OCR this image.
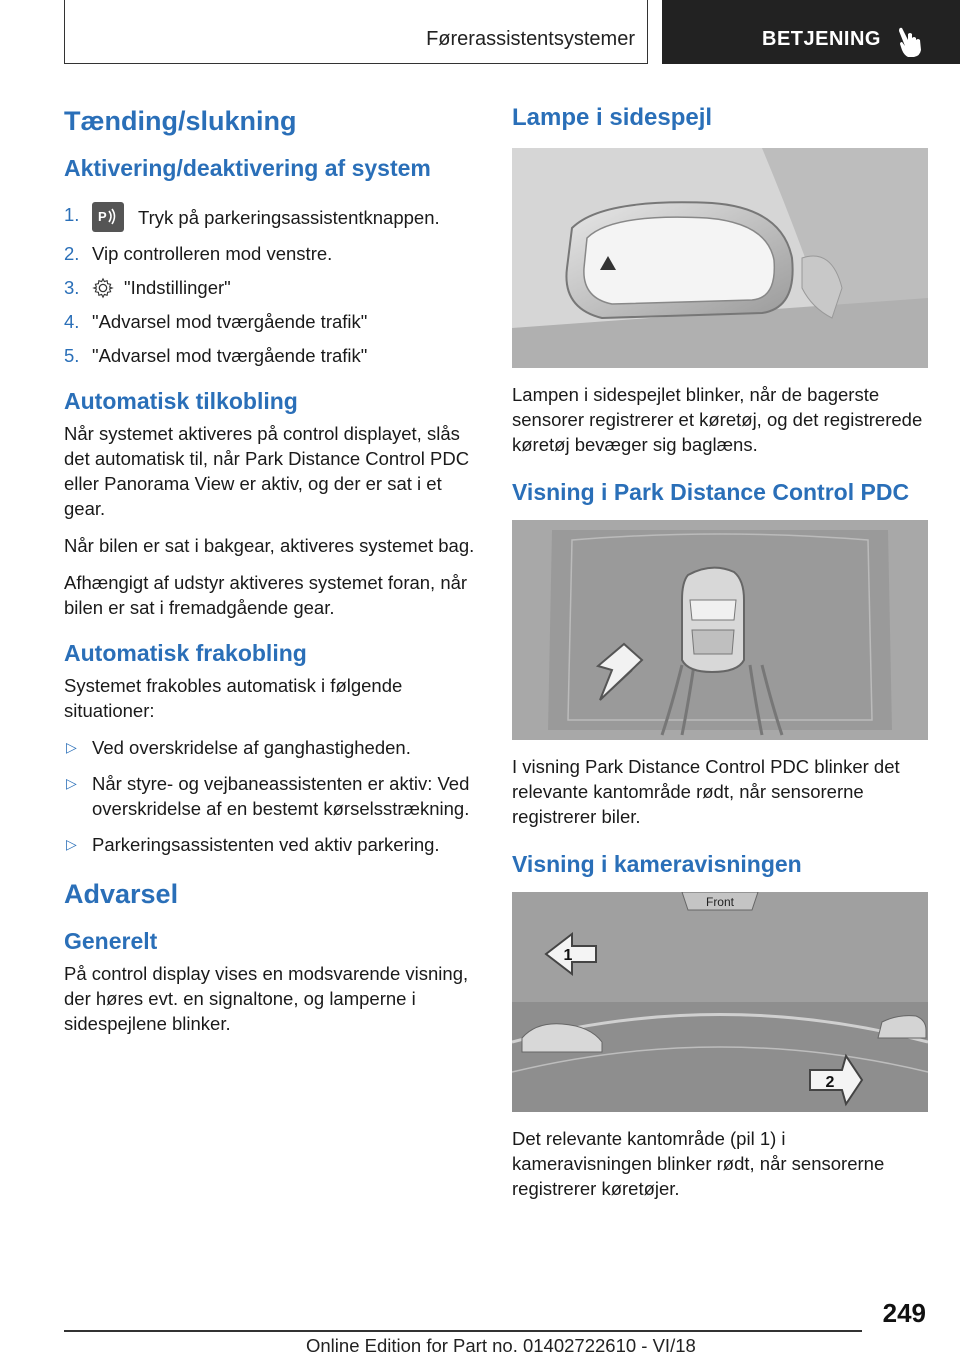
Førerassistentsystemer	BETJENING
Tænding/slukning
Aktivering/deaktivering af system
1. P Tryk på parkeringsassistentknappen.
2. Vip controlleren mod venstre.
3. "Indstillinger"
4. "Advarsel mod tværgående trafik"
5. "Advarsel mod tværgående trafik"
Automatisk tilkobling

Når systemet aktiveres på control displayet, slås det automatisk til, når Park Distance Control PDC eller Panorama View er aktiv, og der er sat i et gear.

Når bilen er sat i bakgear, aktiveres systemet bag.

Afhængigt af udstyr aktiveres systemet foran, når bilen er sat i fremadgående gear.

Automatisk frakobling

Systemet frakobles automatisk i følgende situationer:

▷ Ved overskridelse af ganghastigheden.
▷ Når styre- og vejbaneassistenten er aktiv: Ved overskridelse af en bestemt kørselsstrækning.
▷ Parkeringsassistenten ved aktiv parkering.
Advarsel
Generelt

På control display vises en modsvarende visning, der høres evt. en signaltone, og lamperne i sidespejlene blinker.

Lampe i sidespejl

Lampen i sidespejlet blinker, når de bagerste sensorer registrerer et køretøj, og det registrerede køretøj bevæger sig baglæns.

Visning i Park Distance Control PDC

I visning Park Distance Control PDC blinker det relevante kantområde rødt, når sensorerne registrerer biler.

Visning i kameravisningen
Front
1
2

Det relevante kantområde (pil 1) i kameravisningen blinker rødt, når sensorerne registrerer køretøjer.

249
Online Edition for Part no. 01402722610 - VI/18
